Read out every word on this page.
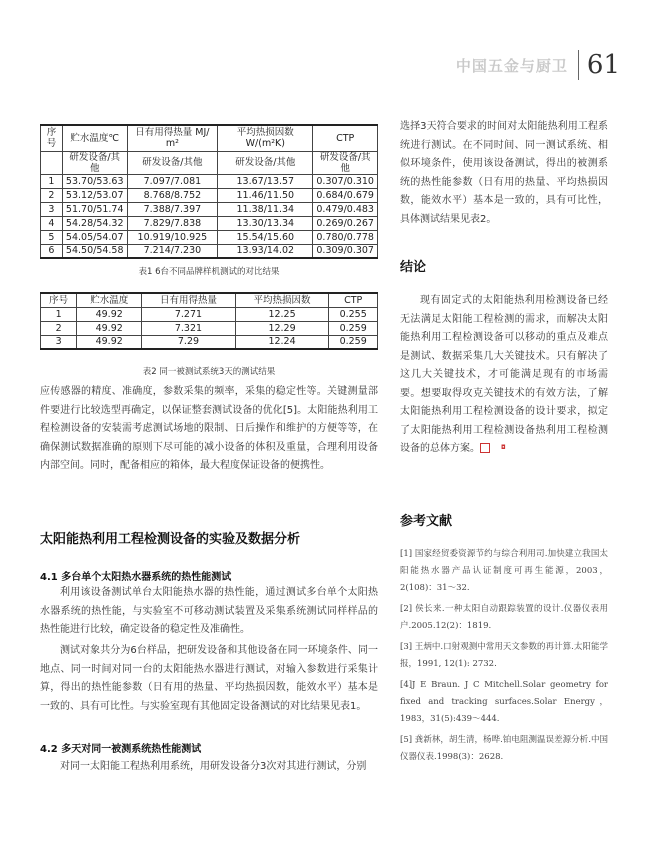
中国五金与厨卫 61
序号	贮水温度℃	日有用得热量 MJ/ m²	平均热损因数 W/(m²K)	CTP
	研发设备/其他	研发设备/其他	研发设备/其他	研发设备/其他
1	53.70/53.63	7.097/7.081	13.67/13.57	0.307/0.310
2	53.12/53.07	8.768/8.752	11.46/11.50	0.684/0.679
3	51.70/51.74	7.388/7.397	11.38/11.34	0.479/0.483
4	54.28/54.32	7.829/7.838	13.30/13.34	0.269/0.267
5	54.05/54.07	10.919/10.925	15.54/15.60	0.780/0.778
6	54.50/54.58	7.214/7.230	13.93/14.02	0.309/0.307
表1 6台不同品牌样机测试的对比结果
序号	贮水温度	日有用得热量	平均热损因数	CTP
1	49.92	7.271	12.25	0.255
2	49.92	7.321	12.29	0.259
3	49.92	7.29	12.24	0.259
表2 同一被测试系统3天的测试结果

应传感器的精度、准确度，参数采集的频率，采集的稳定性等。关键测量部件要进行比较选型再确定，以保证整套测试设备的优化[5]。太阳能热利用工程检测设备的安装需考虑测试场地的限制、日后操作和维护的方便等等，在确保测试数据准确的原则下尽可能的减小设备的体积及重量，合理利用设备内部空间。同时，配备相应的箱体，最大程度保证设备的便携性。

太阳能热利用工程检测设备的实验及数据分析
4.1 多台单个太阳热水器系统的热性能测试

利用该设备测试单台太阳能热水器的热性能，通过测试多台单个太阳热水器系统的热性能，与实验室不可移动测试装置及采集系统测试同样样品的热性能进行比较，确定设备的稳定性及准确性。

测试对象共分为6台样品，把研发设备和其他设备在同一环境条件、同一地点、同一时间对同一台的太阳能热水器进行测试，对输入参数进行采集计算，得出的热性能参数（日有用的热量、平均热损因数，能效水平）基本是一致的、具有可比性。与实验室现有其他固定设备测试的对比结果见表1。

4.2 多天对同一被测系统热性能测试

对同一太阳能工程热利用系统，用研发设备分3次对其进行测试，分别

选择3天符合要求的时间对太阳能热利用工程系统进行测试。在不同时间、同一测试系统、相似环境条件，使用该设备测试，得出的被测系统的热性能参数（日有用的热量、平均热损因数，能效水平）基本是一致的，具有可比性，具体测试结果见表2。

结论

现有固定式的太阳能热利用检测设备已经无法满足太阳能工程检测的需求，而解决太阳能热利用工程检测设备可以移动的重点及难点是测试、数据采集几大关键技术。只有解决了这几大关键技术，才可能满足现有的市场需要。想要取得攻克关键技术的有效方法，了解太阳能热利用工程检测设备的设计要求，拟定了太阳能热利用工程检测设备热利用工程检测设备的总体方案。	◘

参考文献
[1] 国家经贸委资源节约与综合利用司.加快建立我国太阳能热水器产品认证制度可再生能源，2003，2(108)：31～32.
[2] 侯长来.一种太阳自动跟踪装置的设计.仪器仪表用户.2005.12(2)：1819.
[3] 王炳中.口射观测中常用天文参数的再计算.太阳能学报，1991, 12(1): 2732.
[4]J E Braun. J C Mitchell.Solar geometry for fixed and tracking surfaces.Solar Energy，1983，31(5):439～444.
[5] 龚新林，胡生清，杨哗.铂电阻测温误差源分析.中国仪器仪表.1998(3)：2628.
